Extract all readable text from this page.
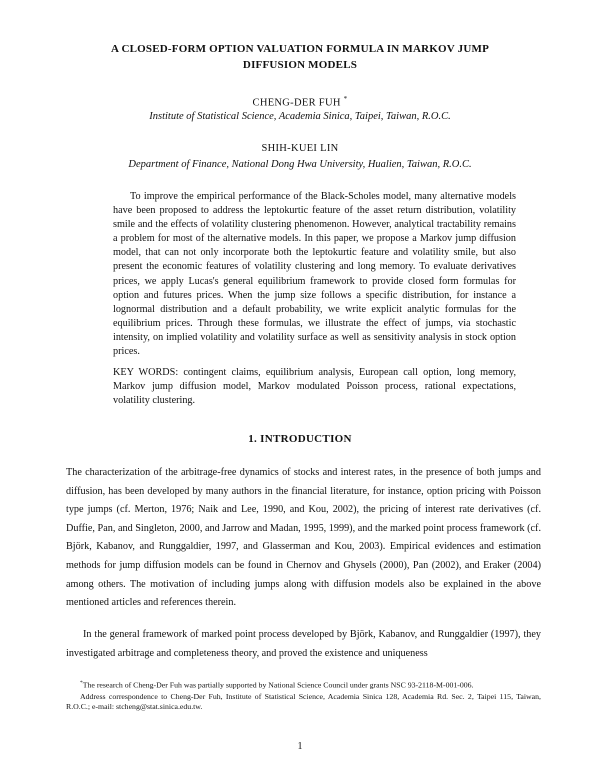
A CLOSED-FORM OPTION VALUATION FORMULA IN MARKOV JUMP
DIFFUSION MODELS
CHENG-DER FUH *
Institute of Statistical Science, Academia Sinica, Taipei, Taiwan, R.O.C.
SHIH-KUEI LIN
Department of Finance, National Dong Hwa University, Hualien, Taiwan, R.O.C.

To improve the empirical performance of the Black-Scholes model, many alternative models have been proposed to address the leptokurtic feature of the asset return distribution, volatility smile and the effects of volatility clustering phenomenon. However, analytical tractability remains a problem for most of the alternative models. In this paper, we propose a Markov jump diffusion model, that can not only incorporate both the leptokurtic feature and volatility smile, but also present the economic features of volatility clustering and long memory. To evaluate derivatives prices, we apply Lucas's general equilibrium framework to provide closed form formulas for option and futures prices. When the jump size follows a specific distribution, for instance a lognormal distribution and a default probability, we write explicit analytic formulas for the equilibrium prices. Through these formulas, we illustrate the effect of jumps, via stochastic intensity, on implied volatility and volatility surface as well as sensitivity analysis in stock option prices.

KEY WORDS: contingent claims, equilibrium analysis, European call option, long memory, Markov jump diffusion model, Markov modulated Poisson process, rational expectations, volatility clustering.

1. INTRODUCTION

The characterization of the arbitrage-free dynamics of stocks and interest rates, in the presence of both jumps and diffusion, has been developed by many authors in the financial literature, for instance, option pricing with Poisson type jumps (cf. Merton, 1976; Naik and Lee, 1990, and Kou, 2002), the pricing of interest rate derivatives (cf. Duffie, Pan, and Singleton, 2000, and Jarrow and Madan, 1995, 1999), and the marked point process framework (cf. Björk, Kabanov, and Runggaldier, 1997, and Glasserman and Kou, 2003). Empirical evidences and estimation methods for jump diffusion models can be found in Chernov and Ghysels (2000), Pan (2002), and Eraker (2004) among others. The motivation of including jumps along with diffusion models also be explained in the above mentioned articles and references therein.

In the general framework of marked point process developed by Björk, Kabanov, and Runggaldier (1997), they investigated arbitrage and completeness theory, and proved the existence and uniqueness

*The research of Cheng-Der Fuh was partially supported by National Science Council under grants NSC 93-2118-M-001-006.

Address correspondence to Cheng-Der Fuh, Institute of Statistical Science, Academia Sinica 128, Academia Rd. Sec. 2, Taipei 115, Taiwan, R.O.C.; e-mail: stcheng@stat.sinica.edu.tw.

1
